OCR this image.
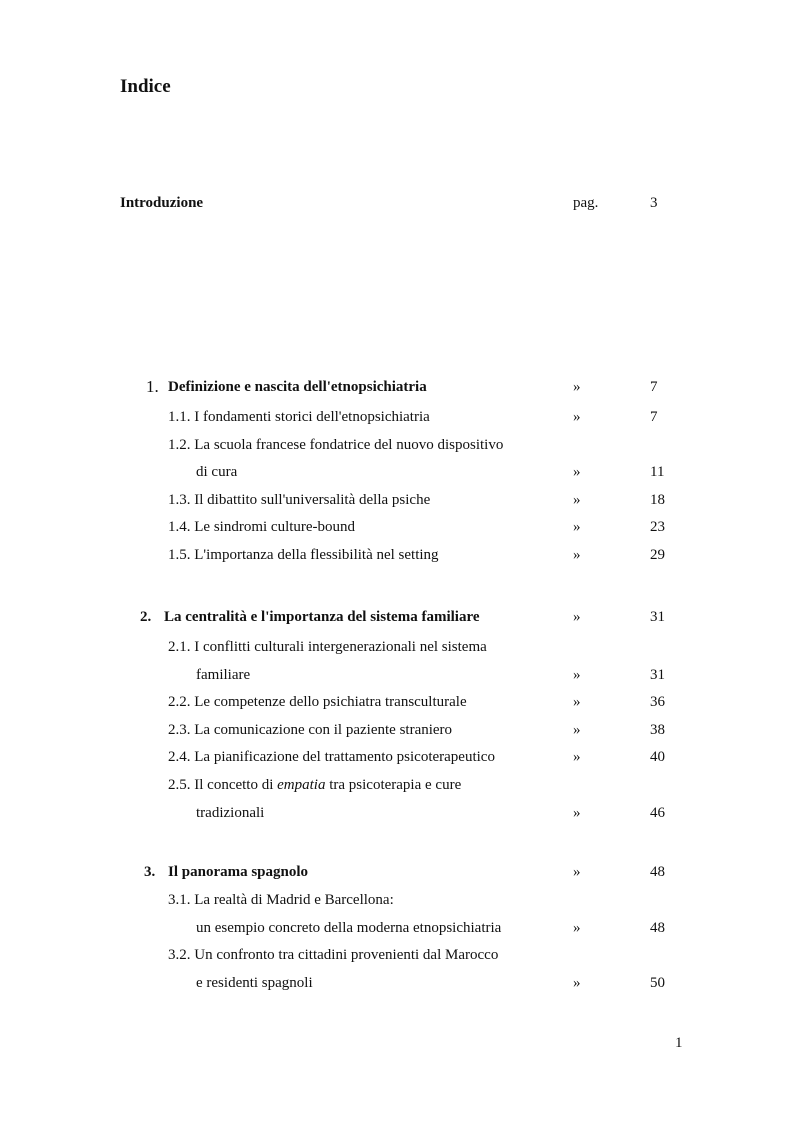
Indice
Introduzione	pag.	3
1. Definizione e nascita dell'etnopsichiatria	»	7
1.1. I fondamenti storici dell'etnopsichiatria	»	7
1.2. La scuola francese fondatrice del nuovo dispositivo
di cura	»	11
1.3. Il dibattito sull'universalità della psiche	»	18
1.4. Le sindromi culture-bound	»	23
1.5. L'importanza della flessibilità nel setting	»	29
2. La centralità e l'importanza del sistema familiare	»	31
2.1. I conflitti culturali intergenerazionali nel sistema
familiare	»	31
2.2. Le competenze dello psichiatra transculturale	»	36
2.3. La comunicazione con il paziente straniero	»	38
2.4. La pianificazione del trattamento psicoterapeutico	»	40
2.5. Il concetto di empatia tra psicoterapia e cure
tradizionali	»	46
3. Il panorama spagnolo	»	48
3.1. La realtà di Madrid e Barcellona:
un esempio concreto della moderna etnopsichiatria	»	48
3.2. Un confronto tra cittadini provenienti dal Marocco
e residenti spagnoli	»	50
1
